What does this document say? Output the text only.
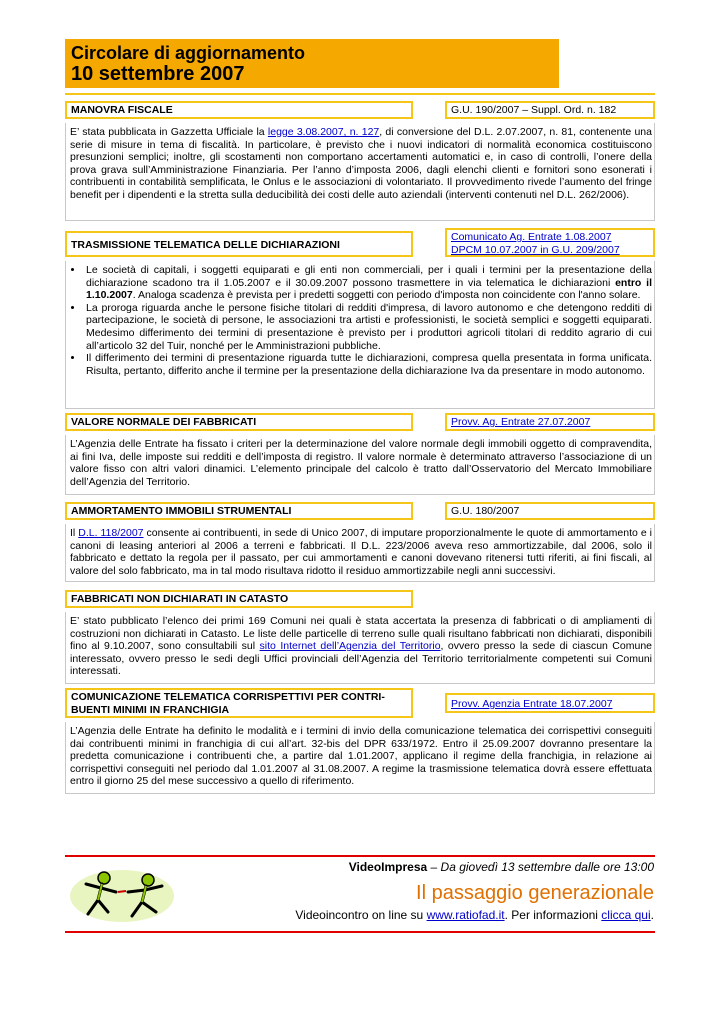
Circolare di aggiornamento
10 settembre 2007
MANOVRA FISCALE	G.U. 190/2007 – Suppl. Ord. n. 182

E’ stata pubblicata in Gazzetta Ufficiale la legge 3.08.2007, n. 127, di conversione del D.L. 2.07.2007, n. 81, contenente una serie di misure in tema di fiscalità. In particolare, è previsto che i nuovi indicatori di normalità economica costituiscono presunzioni semplici; inoltre, gli scostamenti non comportano accertamenti automatici e, in caso di controlli, l’onere della prova grava sull’Amministrazione Finanziaria. Per l’anno d’imposta 2006, dagli elenchi clienti e fornitori sono esonerati i contribuenti in contabilità semplificata, le Onlus e le associazioni di volontariato. Il provvedimento rivede l’aumento del fringe benefit per i dipendenti e la stretta sulla deducibilità dei costi delle auto aziendali (interventi contenuti nel D.L. 262/2006).

TRASMISSIONE TELEMATICA DELLE DICHIARAZIONI
Comunicato Ag. Entrate 1.08.2007
DPCM 10.07.2007 in G.U. 209/2007
• Le società di capitali, i soggetti equiparati e gli enti non commerciali, per i quali i termini per la presentazione della dichiarazione scadono tra il 1.05.2007 e il 30.09.2007 possono trasmettere in via telematica le dichiarazioni entro il 1.10.2007. Analoga scadenza è prevista per i predetti soggetti con periodo d'imposta non coincidente con l'anno solare.
• La proroga riguarda anche le persone fisiche titolari di redditi d'impresa, di lavoro autonomo e che detengono redditi di partecipazione, le società di persone, le associazioni tra artisti e professionisti, le società semplici e soggetti equiparati. Medesimo differimento dei termini di presentazione è previsto per i produttori agricoli titolari di reddito agrario di cui all’articolo 32 del Tuir, nonché per le Amministrazioni pubbliche.
• Il differimento dei termini di presentazione riguarda tutte le dichiarazioni, compresa quella presentata in forma unificata. Risulta, pertanto, differito anche il termine per la presentazione della dichiarazione Iva da presentare in modo autonomo.
VALORE NORMALE DEI FABBRICATI	Provv. Ag. Entrate 27.07.2007

L’Agenzia delle Entrate ha fissato i criteri per la determinazione del valore normale degli immobili oggetto di compravendita, ai fini Iva, delle imposte sui redditi e dell’imposta di registro. Il valore normale è determinato attraverso l’associazione di un valore fisso con altri valori dinamici. L’elemento principale del calcolo è tratto dall’Osservatorio del Mercato Immobiliare dell’Agenzia del Territorio.

AMMORTAMENTO IMMOBILI STRUMENTALI	G.U. 180/2007

Il D.L. 118/2007 consente ai contribuenti, in sede di Unico 2007, di imputare proporzionalmente le quote di ammortamento e i canoni di leasing anteriori al 2006 a terreni e fabbricati. Il D.L. 223/2006 aveva reso ammortizzabile, dal 2006, solo il fabbricato e dettato la regola per il passato, per cui ammortamenti e canoni dovevano ritenersi tutti riferiti, ai fini fiscali, al valore del solo fabbricato, ma in tal modo risultava ridotto il residuo ammortizzabile negli anni successivi.

FABBRICATI NON DICHIARATI IN CATASTO

E’ stato pubblicato l’elenco dei primi 169 Comuni nei quali è stata accertata la presenza di fabbricati o di ampliamenti di costruzioni non dichiarati in Catasto. Le liste delle particelle di terreno sulle quali risultano fabbricati non dichiarati, disponibili fino al 9.10.2007, sono consultabili sul sito Internet dell’Agenzia del Territorio, ovvero presso la sede di ciascun Comune interessato, ovvero presso le sedi degli Uffici provinciali dell’Agenzia del Territorio territorialmente competenti sui Comuni interessati.

COMUNICAZIONE TELEMATICA CORRISPETTIVI PER CONTRI-
BUENTI MINIMI IN FRANCHIGIA	Provv. Agenzia Entrate 18.07.2007

L’Agenzia delle Entrate ha definito le modalità e i termini di invio della comunicazione telematica dei corrispettivi conseguiti dai contribuenti minimi in franchigia di cui all’art. 32-bis del DPR 633/1972. Entro il 25.09.2007 dovranno presentare la predetta comunicazione i contribuenti che, a partire dal 1.01.2007, applicano il regime della franchigia, in relazione ai corrispettivi conseguiti nel periodo dal 1.01.2007 al 31.08.2007. A regime la trasmissione telematica dovrà essere effettuata entro il giorno 25 del mese successivo a quello di riferimento.

VideoImpresa – Da giovedì 13 settembre dalle ore 13:00
Il passaggio generazionale
Videoincontro on line su www.ratiofad.it. Per informazioni clicca qui.
